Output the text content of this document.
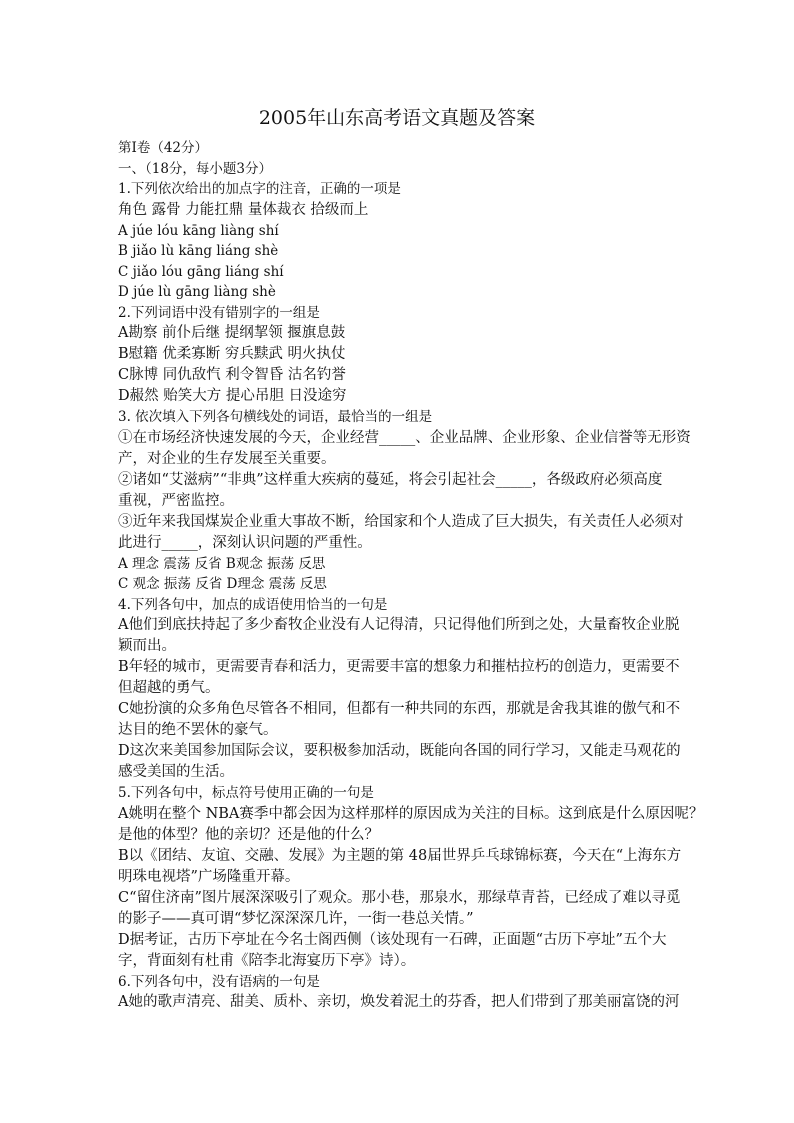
2005年山东高考语文真题及答案
第Ⅰ卷（42分）
一、（18分，每小题3分）
1.下列依次给出的加点字的注音，正确的一项是
角色 露骨 力能扛鼎 量体裁衣 拾级而上
A júe lóu kāng liàng shí
B jiǎo lù kāng liáng shè
C jiǎo lóu gāng liáng shí
D júe lù gāng liàng shè
2.下列词语中没有错别字的一组是
A勘察 前仆后继 提纲挈领 揠旗息鼓
B慰籍 优柔寡断 穷兵黩武 明火执仗
C脉博 同仇敌忾 利令智昏 沽名钓誉
D赧然 贻笑大方 提心吊胆 日没途穷
3. 依次填入下列各句横线处的词语，最恰当的一组是
①在市场经济快速发展的今天，企业经营_____、企业品牌、企业形象、企业信誉等无形资
产，对企业的生存发展至关重要。
②诸如“艾滋病”“非典”这样重大疾病的蔓延，将会引起社会_____，各级政府必须高度
重视，严密监控。
③近年来我国煤炭企业重大事故不断，给国家和个人造成了巨大损失，有关责任人必须对
此进行_____，深刻认识问题的严重性。
A 理念 震荡 反省 B观念 振荡 反思
C 观念 振荡 反省 D理念 震荡 反思
4.下列各句中，加点的成语使用恰当的一句是
A他们到底扶持起了多少畜牧企业没有人记得清，只记得他们所到之处，大量畜牧企业脱
颖而出。
B年轻的城市，更需要青春和活力，更需要丰富的想象力和摧枯拉朽的创造力，更需要不
但超越的勇气。
C她扮演的众多角色尽管各不相同，但都有一种共同的东西，那就是舍我其谁的傲气和不
达目的绝不罢休的豪气。
D这次来美国参加国际会议，要积极参加活动，既能向各国的同行学习，又能走马观花的
感受美国的生活。
5.下列各句中，标点符号使用正确的一句是
A姚明在整个 NBA赛季中都会因为这样那样的原因成为关注的目标。这到底是什么原因呢？
是他的体型？他的亲切？还是他的什么？
B以《团结、友谊、交融、发展》为主题的第 48届世界乒乓球锦标赛，今天在“上海东方
明珠电视塔”广场隆重开幕。
C“留住济南”图片展深深吸引了观众。那小巷，那泉水，那绿草青苔，已经成了难以寻觅
的影子——真可谓“梦忆深深深几许，一街一巷总关情。”
D据考证，古历下亭址在今名士阁西侧（该处现有一石碑，正面题“古历下亭址”五个大
字，背面刻有杜甫《陪李北海宴历下亭》诗）。
6.下列各句中，没有语病的一句是
A她的歌声清亮、甜美、质朴、亲切，焕发着泥土的芬香，把人们带到了那美丽富饶的河
